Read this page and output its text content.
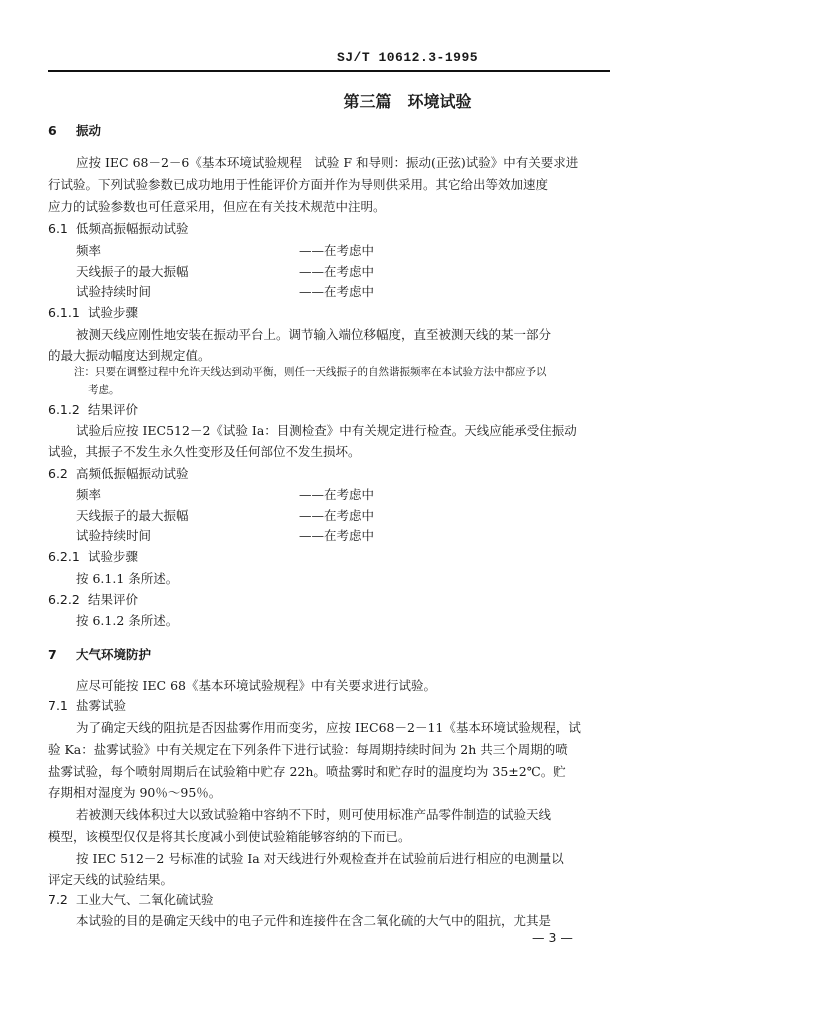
SJ/T 10612.3-1995
第三篇　环境试验
6 振动
应按 IEC 68－2－6《基本环境试验规程　试验 F 和导则：振动(正弦)试验》中有关要求进
行试验。下列试验参数已成功地用于性能评价方面并作为导则供采用。其它给出等效加速度
应力的试验参数也可任意采用，但应在有关技术规范中注明。
6.1 低频高振幅振动试验
频率	——在考虑中
天线振子的最大振幅	——在考虑中
试验持续时间	——在考虑中
6.1.1 试验步骤
被测天线应刚性地安装在振动平台上。调节输入端位移幅度，直至被测天线的某一部分
的最大振动幅度达到规定值。
注：只要在调整过程中允许天线达到动平衡，则任一天线振子的自然谐振频率在本试验方法中都应予以
考虑。
6.1.2 结果评价
试验后应按 IEC512－2《试验 Ia：目测检查》中有关规定进行检查。天线应能承受住振动
试验，其振子不发生永久性变形及任何部位不发生损坏。
6.2 高频低振幅振动试验
频率	——在考虑中
天线振子的最大振幅	——在考虑中
试验持续时间	——在考虑中
6.2.1 试验步骤
按 6.1.1 条所述。
6.2.2 结果评价
按 6.1.2 条所述。
7 大气环境防护
应尽可能按 IEC 68《基本环境试验规程》中有关要求进行试验。
7.1 盐雾试验
为了确定天线的阻抗是否因盐雾作用而变劣，应按 IEC68－2－11《基本环境试验规程，试
验 Ka：盐雾试验》中有关规定在下列条件下进行试验：每周期持续时间为 2h 共三个周期的喷
盐雾试验，每个喷射周期后在试验箱中贮存 22h。喷盐雾时和贮存时的温度均为 35±2℃。贮
存期相对湿度为 90％～95％。
若被测天线体积过大以致试验箱中容纳不下时，则可使用标准产品零件制造的试验天线
模型，该模型仅仅是将其长度减小到使试验箱能够容纳的下而已。
按 IEC 512－2 号标准的试验 Ia 对天线进行外观检查并在试验前后进行相应的电测量以
评定天线的试验结果。
7.2 工业大气、二氧化硫试验
本试验的目的是确定天线中的电子元件和连接件在含二氧化硫的大气中的阻抗，尤其是
— 3 —
